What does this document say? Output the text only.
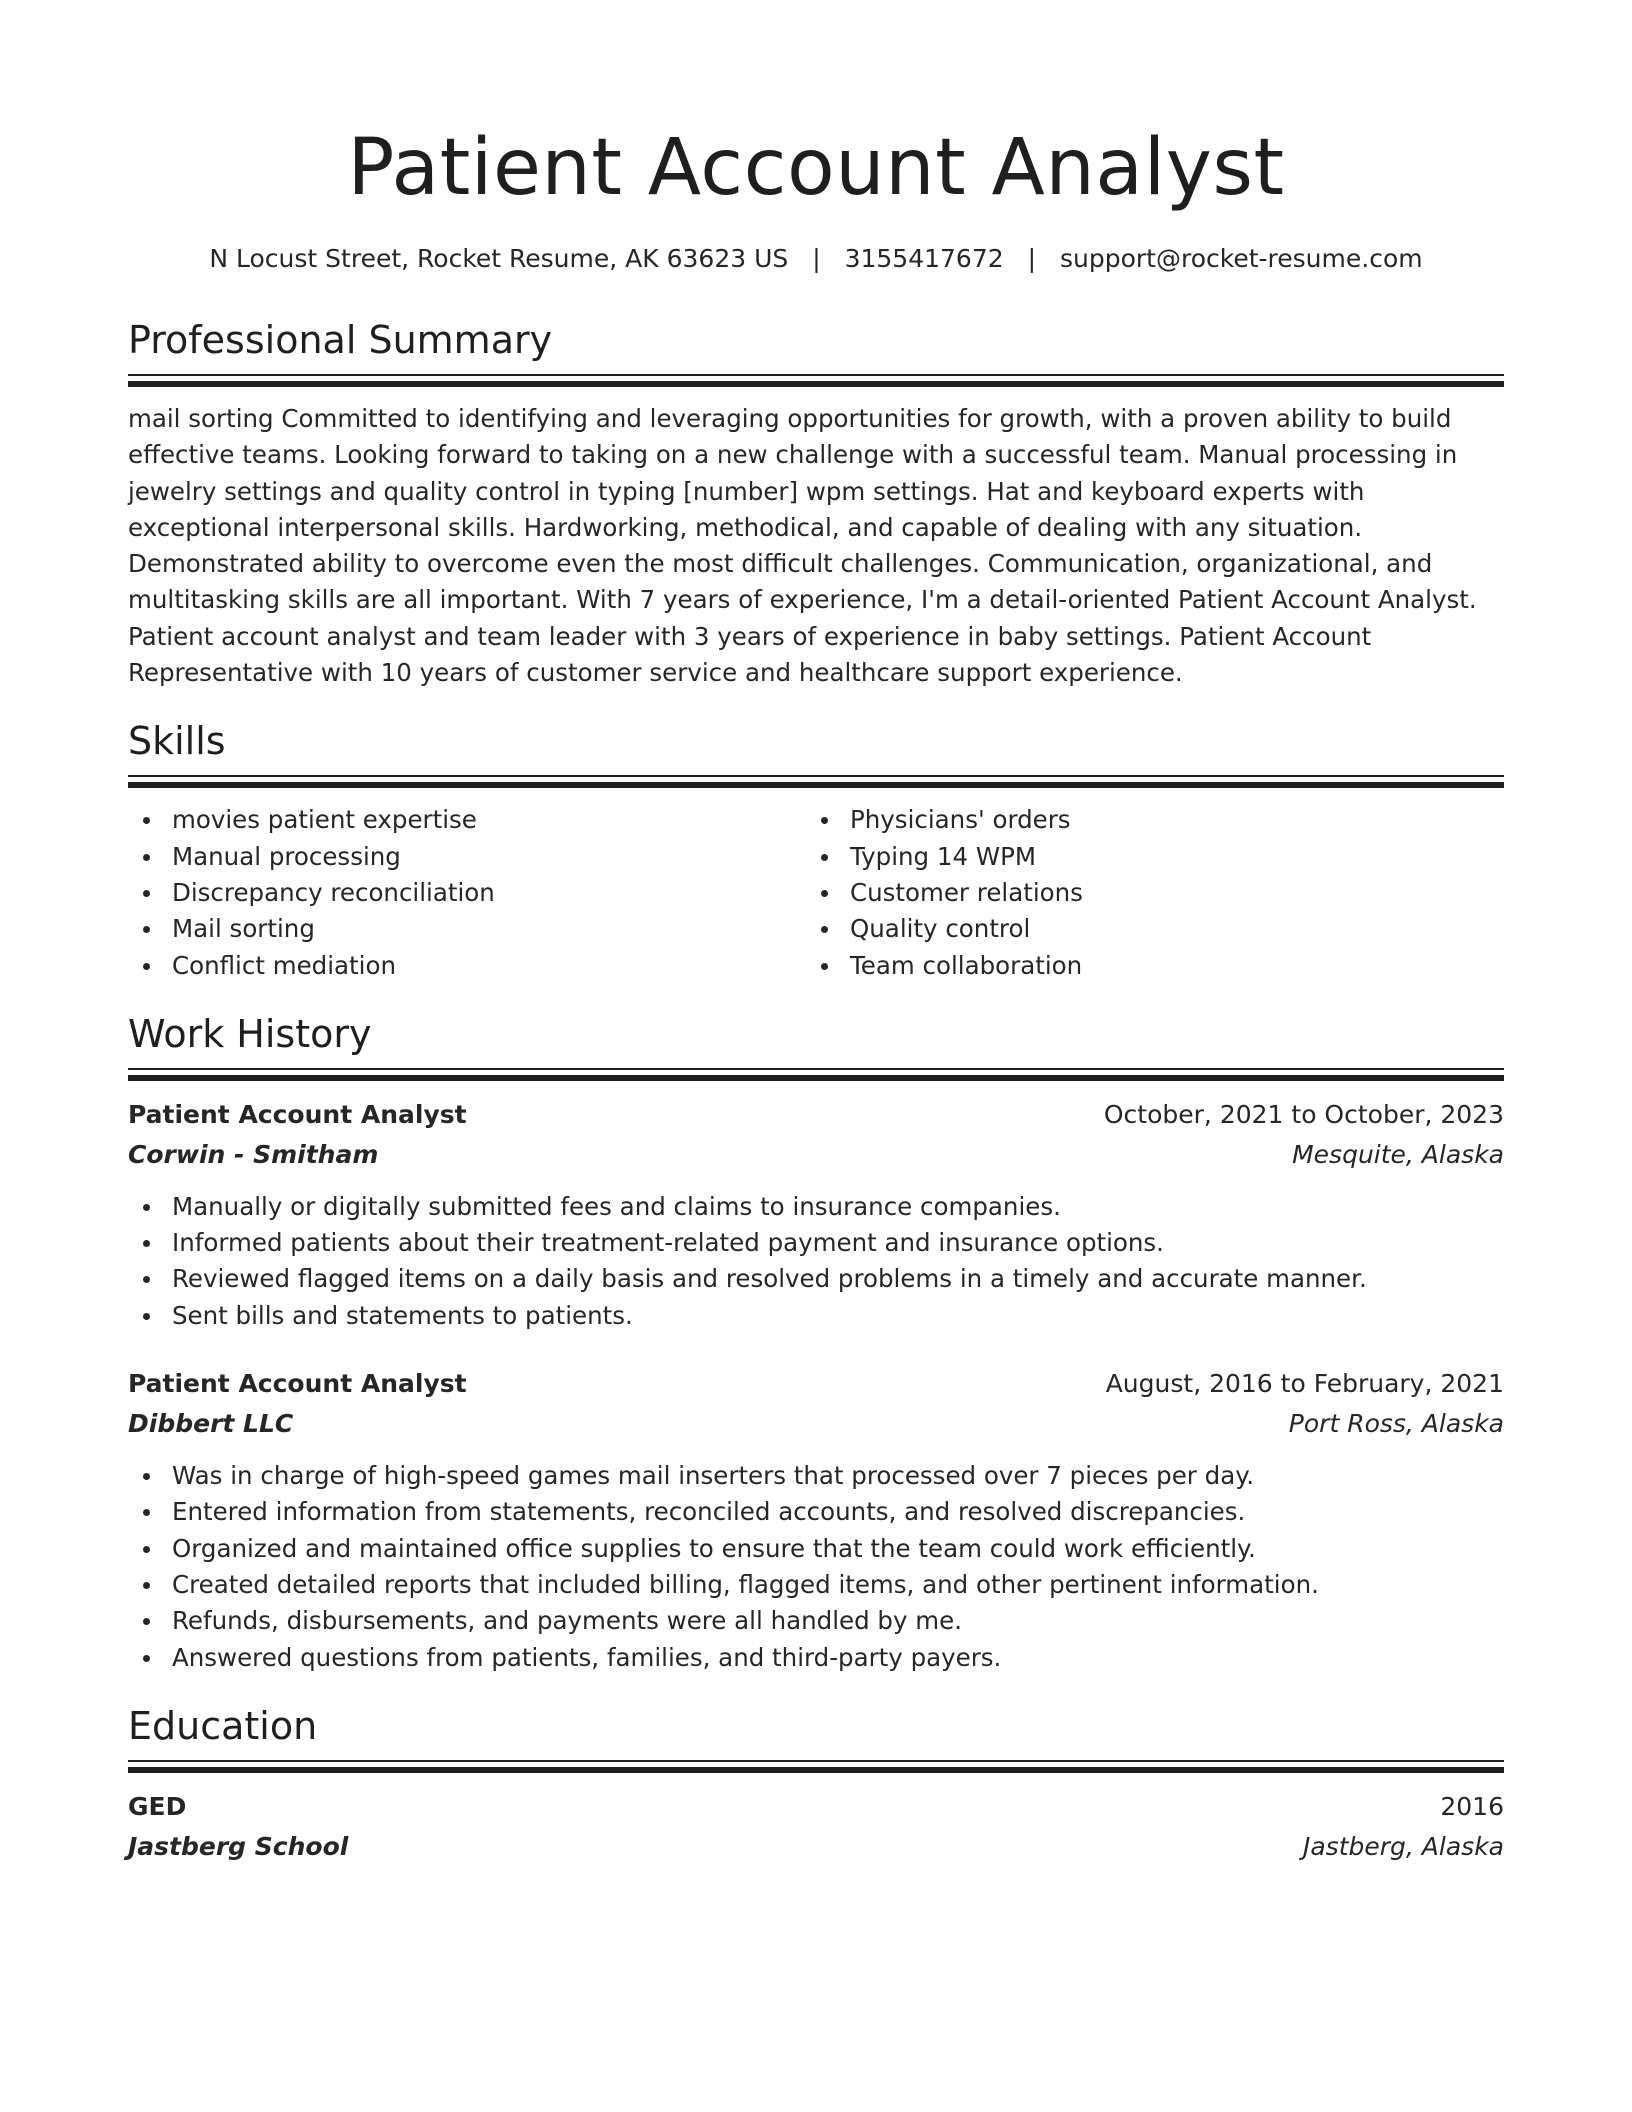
Patient Account Analyst
N Locust Street, Rocket Resume, AK 63623 US | 3155417672 | support@rocket-resume.com
Professional Summary

mail sorting Committed to identifying and leveraging opportunities for growth, with a proven ability to build effective teams. Looking forward to taking on a new challenge with a successful team. Manual processing in jewelry settings and quality control in typing [number] wpm settings. Hat and keyboard experts with exceptional interpersonal skills. Hardworking, methodical, and capable of dealing with any situation. Demonstrated ability to overcome even the most difficult challenges. Communication, organizational, and multitasking skills are all important. With 7 years of experience, I'm a detail-oriented Patient Account Analyst. Patient account analyst and team leader with 3 years of experience in baby settings. Patient Account Representative with 10 years of customer service and healthcare support experience.

Skills
movies patient expertise
Manual processing
Discrepancy reconciliation
Mail sorting
Conflict mediation
Physicians' orders
Typing 14 WPM
Customer relations
Quality control
Team collaboration
Work History
Patient Account Analyst	October, 2021 to October, 2023
Corwin - Smitham	Mesquite, Alaska
Manually or digitally submitted fees and claims to insurance companies.
Informed patients about their treatment-related payment and insurance options.
Reviewed flagged items on a daily basis and resolved problems in a timely and accurate manner.
Sent bills and statements to patients.
Patient Account Analyst	August, 2016 to February, 2021
Dibbert LLC	Port Ross, Alaska
Was in charge of high-speed games mail inserters that processed over 7 pieces per day.
Entered information from statements, reconciled accounts, and resolved discrepancies.
Organized and maintained office supplies to ensure that the team could work efficiently.
Created detailed reports that included billing, flagged items, and other pertinent information.
Refunds, disbursements, and payments were all handled by me.
Answered questions from patients, families, and third-party payers.
Education
GED	2016
Jastberg School	Jastberg, Alaska
